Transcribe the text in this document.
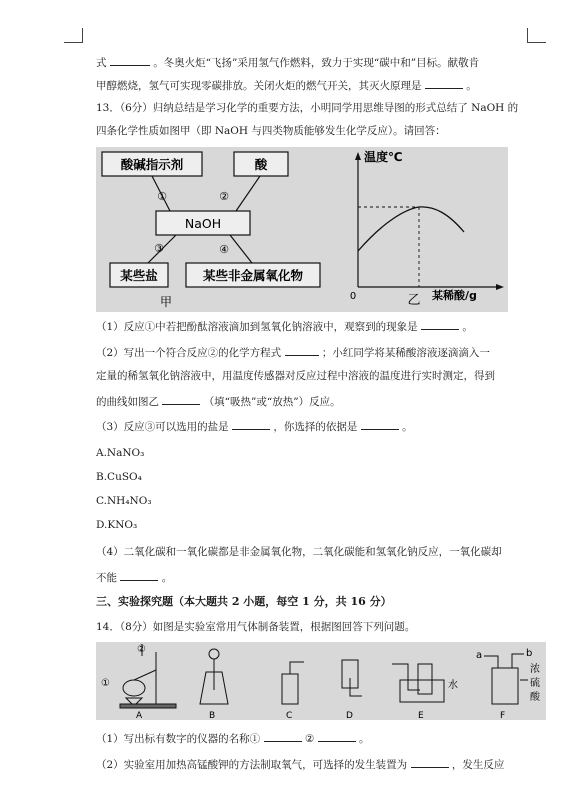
式	。冬奥火炬“飞扬”采用氢气作燃料，致力于实现“碳中和”目标。献敬肯
甲醇燃烧，氢气可实现零碳排放。关闭火炬的燃气开关，其灭火原理是	。
13．（6分）归纳总结是学习化学的重要方法，小明同学用思维导图的形式总结了 NaOH 的
四条化学性质如图甲（即 NaOH 与四类物质能够发生化学反应）。请回答：
酸碱指示剂	酸
NaOH
某些盐	某些非金属氧化物
①	②
③	④
甲
温度℃
0	乙 某稀酸/g
（1）反应①中若把酚酞溶液滴加到氢氧化钠溶液中，观察到的现象是	。
（2）写出一个符合反应②的化学方程式	；小红同学将某稀酸溶液逐滴滴入一
定量的稀氢氧化钠溶液中，用温度传感器对反应过程中溶液的温度进行实时测定，得到
的曲线如图乙	（填“吸热”或“放热”）反应。
（3）反应③可以选用的盐是	，你选择的依据是	。
A.NaNO₃
B.CuSO₄
C.NH₄NO₃
D.KNO₃
（4）二氧化碳和一氧化碳都是非金属氧化物，二氧化碳能和氢氧化钠反应，一氧化碳却
不能	。
三、实验探究题（本大题共 2 小题，每空 1 分，共 16 分）
14．（8分）如图是实验室常用气体制备装置，根据图回答下列问题。
①
②
A	B	C	D	E	F
水
a	b
浓
硫
酸
（1）写出标有数字的仪器的名称①	②	。
（2）实验室用加热高锰酸钾的方法制取氧气，可选择的发生装置为	，发生反应
